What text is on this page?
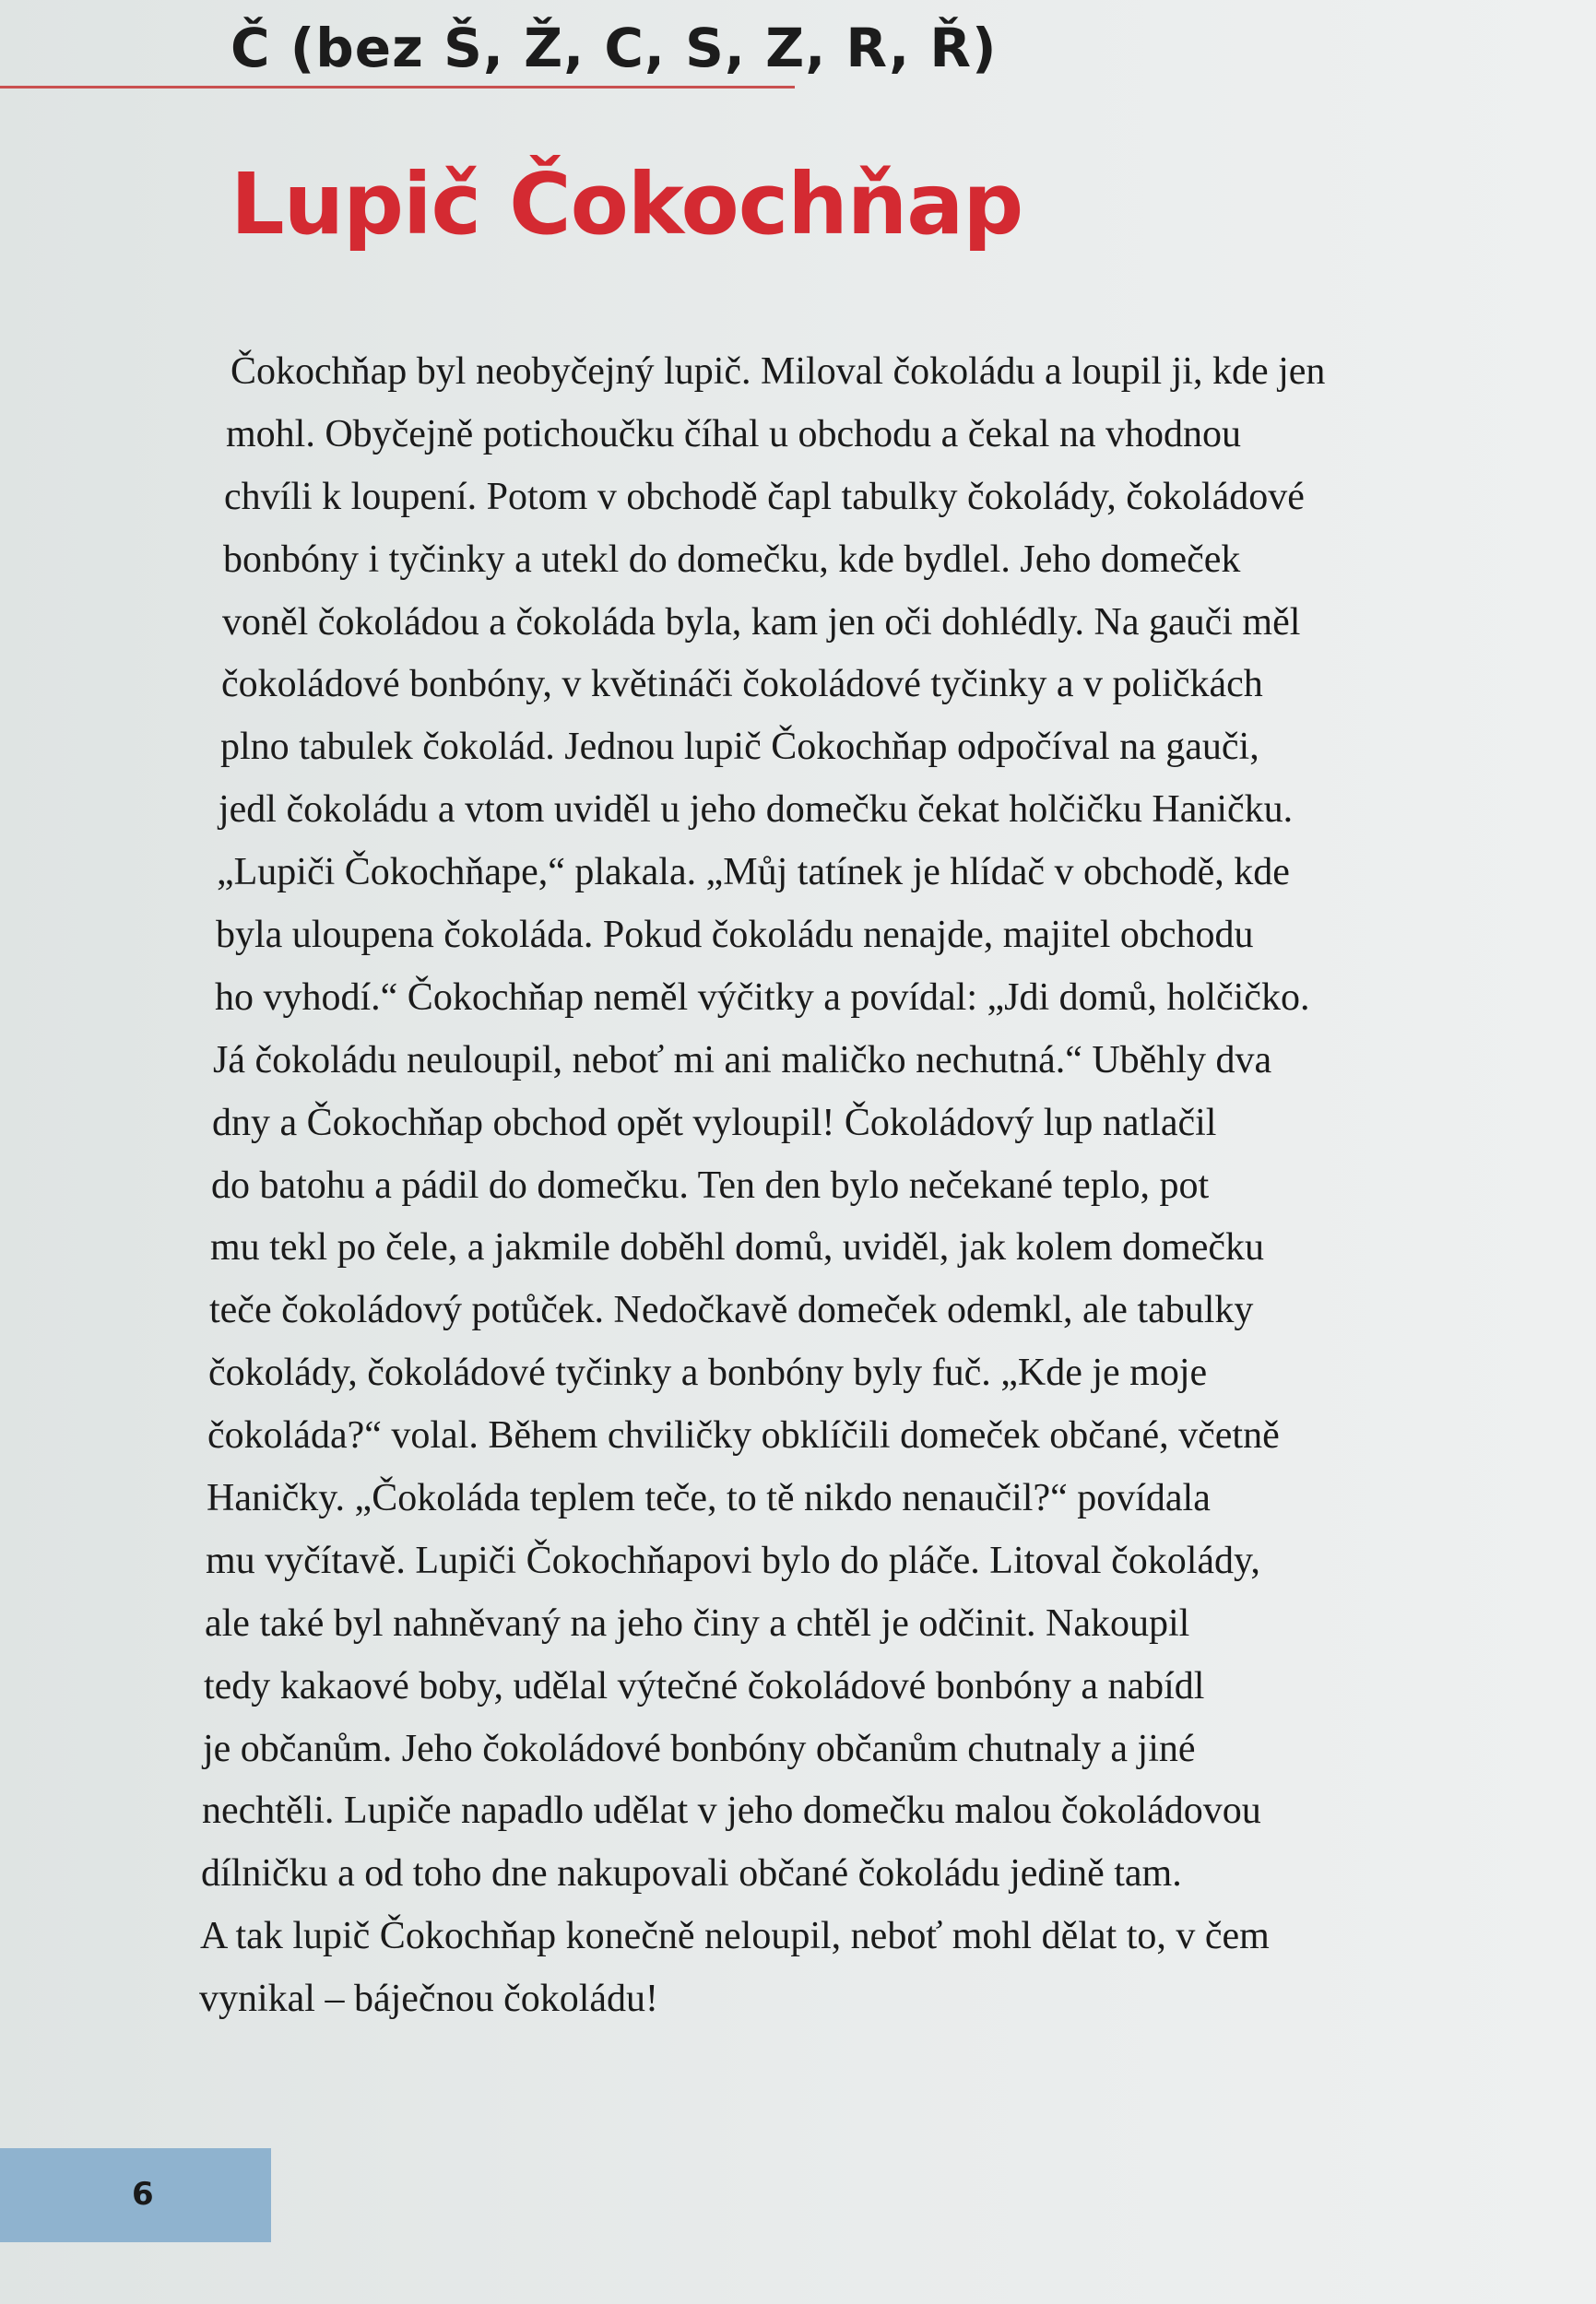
Č (bez Š, Ž, C, S, Z, R, Ř)
Lupič Čokochňap
Čokochňap byl neobyčejný lupič. Miloval čokoládu a loupil ji, kde jen
mohl. Obyčejně potichoučku číhal u obchodu a čekal na vhodnou
chvíli k loupení. Potom v obchodě čapl tabulky čokolády, čokoládové
bonbóny i tyčinky a utekl do domečku, kde bydlel. Jeho domeček
voněl čokoládou a čokoláda byla, kam jen oči dohlédly. Na gauči měl
čokoládové bonbóny, v květináči čokoládové tyčinky a v poličkách
plno tabulek čokolád. Jednou lupič Čokochňap odpočíval na gauči,
jedl čokoládu a vtom uviděl u jeho domečku čekat holčičku Haničku.
„Lupiči Čokochňape,“ plakala. „Můj tatínek je hlídač v obchodě, kde
byla uloupena čokoláda. Pokud čokoládu nenajde, majitel obchodu
ho vyhodí.“ Čokochňap neměl výčitky a povídal: „Jdi domů, holčičko.
Já čokoládu neuloupil, neboť mi ani maličko nechutná.“ Uběhly dva
dny a Čokochňap obchod opět vyloupil! Čokoládový lup natlačil
do batohu a pádil do domečku. Ten den bylo nečekané teplo, pot
mu tekl po čele, a jakmile doběhl domů, uviděl, jak kolem domečku
teče čokoládový potůček. Nedočkavě domeček odemkl, ale tabulky
čokolády, čokoládové tyčinky a bonbóny byly fuč. „Kde je moje
čokoláda?“ volal. Během chviličky obklíčili domeček občané, včetně
Haničky. „Čokoláda teplem teče, to tě nikdo nenaučil?“ povídala
mu vyčítavě. Lupiči Čokochňapovi bylo do pláče. Litoval čokolády,
ale také byl nahněvaný na jeho činy a chtěl je odčinit. Nakoupil
tedy kakaové boby, udělal výtečné čokoládové bonbóny a nabídl
je občanům. Jeho čokoládové bonbóny občanům chutnaly a jiné
nechtěli. Lupiče napadlo udělat v jeho domečku malou čokoládovou
dílničku a od toho dne nakupovali občané čokoládu jedině tam.
A tak lupič Čokochňap konečně neloupil, neboť mohl dělat to, v čem
vynikal – báječnou čokoládu!
6
